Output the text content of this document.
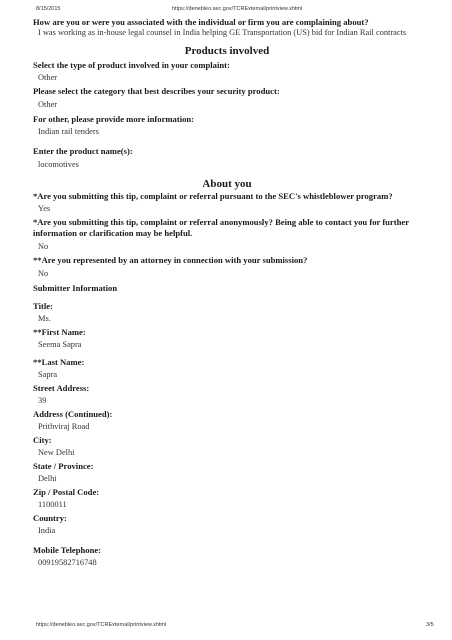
8/15/2015	https://denebleo.sec.gov/TCRExternal/printview.xhtml
How are you or were you associated with the individual or firm you are complaining about?
I was working as in-house legal counsel in India helping GE Transportation (US) bid for Indian Rail contracts
Products involved
Select the type of product involved in your complaint:
Other
Please select the category that best describes your security product:
Other
For other, please provide more information:
Indian rail tenders
Enter the product name(s):
locomotives
About you
*Are you submitting this tip, complaint or referral pursuant to the SEC's whistleblower program?
Yes
*Are you submitting this tip, complaint or referral anonymously? Being able to contact you for further information or clarification may be helpful.
No
**Are you represented by an attorney in connection with your submission?
No
Submitter Information
Title:
Ms.
**First Name:
Seema Sapra
**Last Name:
Sapra
Street Address:
39
Address (Continued):
Prithviraj Road
City:
New Delhi
State / Province:
Delhi
Zip / Postal Code:
1100011
Country:
India
Mobile Telephone:
00919582716748
https://denebleo.sec.gov/TCRExternal/printview.xhtml	3/5
